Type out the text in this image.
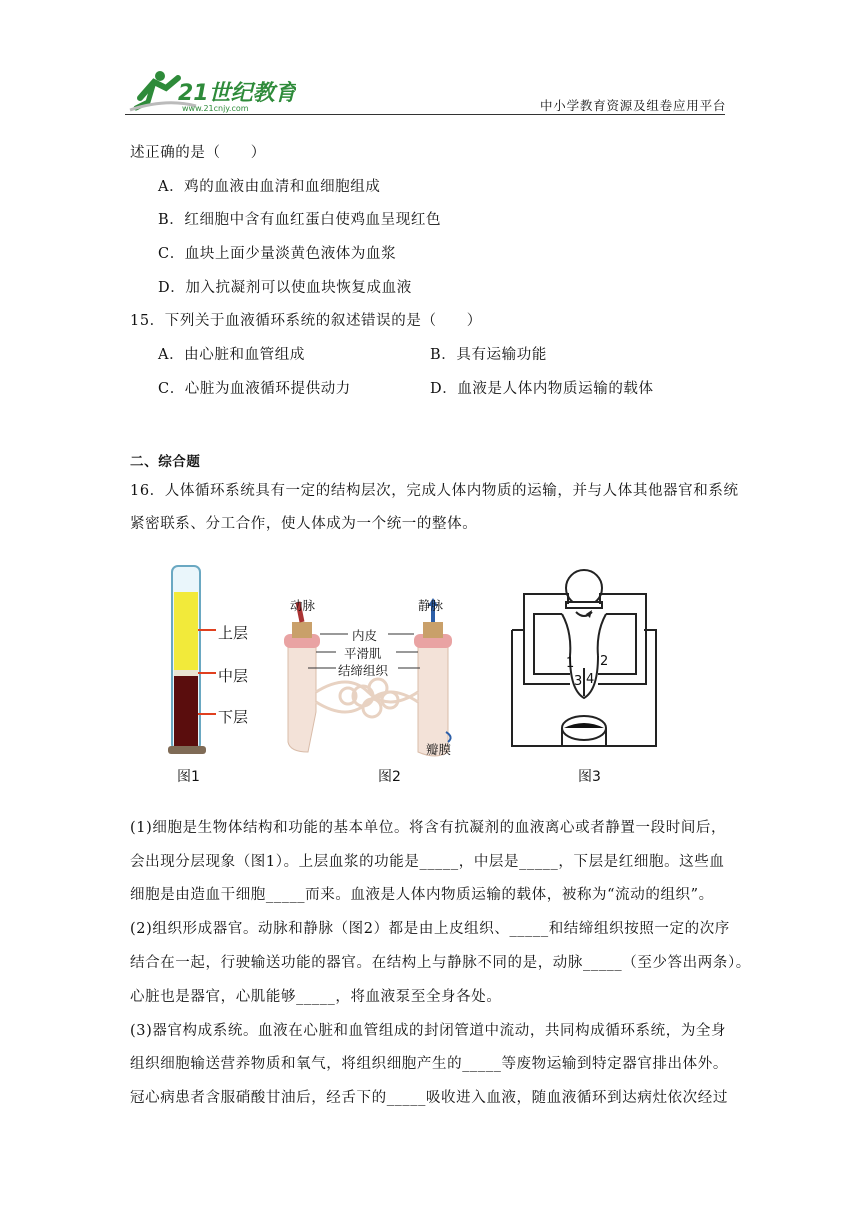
21世纪教育
www.21cnjy.com	中小学教育资源及组卷应用平台
述正确的是（　　）
A．鸡的血液由血清和血细胞组成
B．红细胞中含有血红蛋白使鸡血呈现红色
C．血块上面少量淡黄色液体为血浆
D．加入抗凝剂可以使血块恢复成血液
15．下列关于血液循环系统的叙述错误的是（　　）
A．由心脏和血管组成	B．具有运输功能
C．心脏为血液循环提供动力	D．血液是人体内物质运输的载体
二、综合题
16．人体循环系统具有一定的结构层次，完成人体内物质的运输，并与人体其他器官和系统
紧密联系、分工合作，使人体成为一个统一的整体。
上层
中层
下层
图1
动脉	静脉
内皮
平滑肌
结缔组织
瓣膜
图2
1 2
3 4
图3
(1)细胞是生物体结构和功能的基本单位。将含有抗凝剂的血液离心或者静置一段时间后，
会出现分层现象（图1）。上层血浆的功能是_____，中层是_____，下层是红细胞。这些血
细胞是由造血干细胞_____而来。血液是人体内物质运输的载体，被称为“流动的组织”。
(2)组织形成器官。动脉和静脉（图2）都是由上皮组织、_____和结缔组织按照一定的次序
结合在一起，行驶输送功能的器官。在结构上与静脉不同的是，动脉_____（至少答出两条）。
心脏也是器官，心肌能够_____，将血液泵至全身各处。
(3)器官构成系统。血液在心脏和血管组成的封闭管道中流动，共同构成循环系统，为全身
组织细胞输送营养物质和氧气，将组织细胞产生的_____等废物运输到特定器官排出体外。
冠心病患者含服硝酸甘油后，经舌下的_____吸收进入血液，随血液循环到达病灶依次经过
